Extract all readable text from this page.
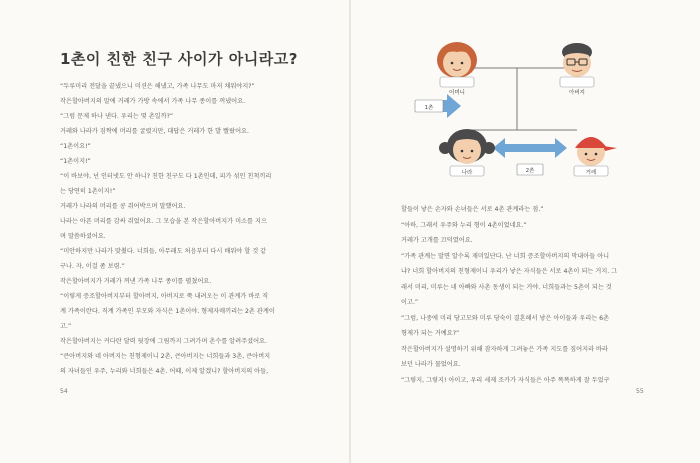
1촌이 친한 친구 사이가 아니라고?
“두루미리 전달을 끝냈으니 미션은 해냈고, 가족 나무도 마저 채워야지?”
작은할아버지의 말에 거레가 가방 속에서 가족 나무 종이를 꺼냈어요.
“그럼 문제 하나 낸다. 우리는 몇 촌일까?”
거레와 나라가 짐짝에 머리를 굴렸지만, 대답은 거레가 한 발 빨랐어요.
“1촌이요!”
“1촌이지!”
“이 바보야, 넌 인터넷도 안 하니? 친한 친구도 다 1촌인데, 피가 섞인 친척끼리
는 당연히 1촌이지!”
거레가 나라의 머리를 콩 쥐어박으며 말했어요.
나라는 아픈 머리를 감싸 쥐었어요. 그 모습을 본 작은할아버지가 미소를 지으
며 말씀하셨어요.
“미안하지만 나라가 맞췄다. 너희들, 아무래도 처음부터 다시 배워야 할 것 같
구나. 자, 이걸 좀 보렴.”
작은할아버지가 거레가 꺼낸 가족 나무 종이를 펼쳤어요.
“이렇게 증조할아버지부터 할아버지, 아버지로 쭉 내려오는 이 관계가 바로 직
계 가족이란다. 직계 가족인 부모와 자식은 1촌이야. 형제자매끼리는 2촌 관계이
고.”
작은할아버지는 커다란 달력 뒷장에 그림까지 그려가며 촌수를 알려주셨어요.
“큰아버지와 네 아버지는 친형제이니 2촌, 큰아버지는 너희들과 3촌, 큰아버지
의 자녀들인 우주, 누리와 너희들은 4촌. 어때, 이제 알겠니? 할아버지의 아들,
54
어머니	아버지
1촌
2촌
나라	거레
할들이 낳은 손자와 손녀들은 서로 4촌 관계라는 점.”
“아하, 그래서 우주와 누리 형이 4촌이었네요.”
거레가 고개를 끄덕였어요.
“가족 관계는 말면 알수록 재미있단다. 난 너희 증조할아버지의 막내아들 아니
냐? 너희 할아버지의 친형제이니 우리가 낳은 자식들은 서로 4촌이 되는 거지. 그
래서 미리, 미루는 네 아빠와 사촌 동생이 되는 거야. 너희들과는 5촌이 되는 것
이고.”
“그럼, 나중에 미리 당고모와 미루 당숙이 결혼해서 낳은 아이들과 우리는 6촌
형제가 되는 거예요?”
작은할아버지가 설명하기 위해 잠자하게 그려놓은 가족 지도를 짚어지라 바라
보던 나라가 물었어요.
“그렇지, 그렇지! 아이고, 우리 세제 조카가 자식들은 아주 똑똑하게 잘 두었구
55
